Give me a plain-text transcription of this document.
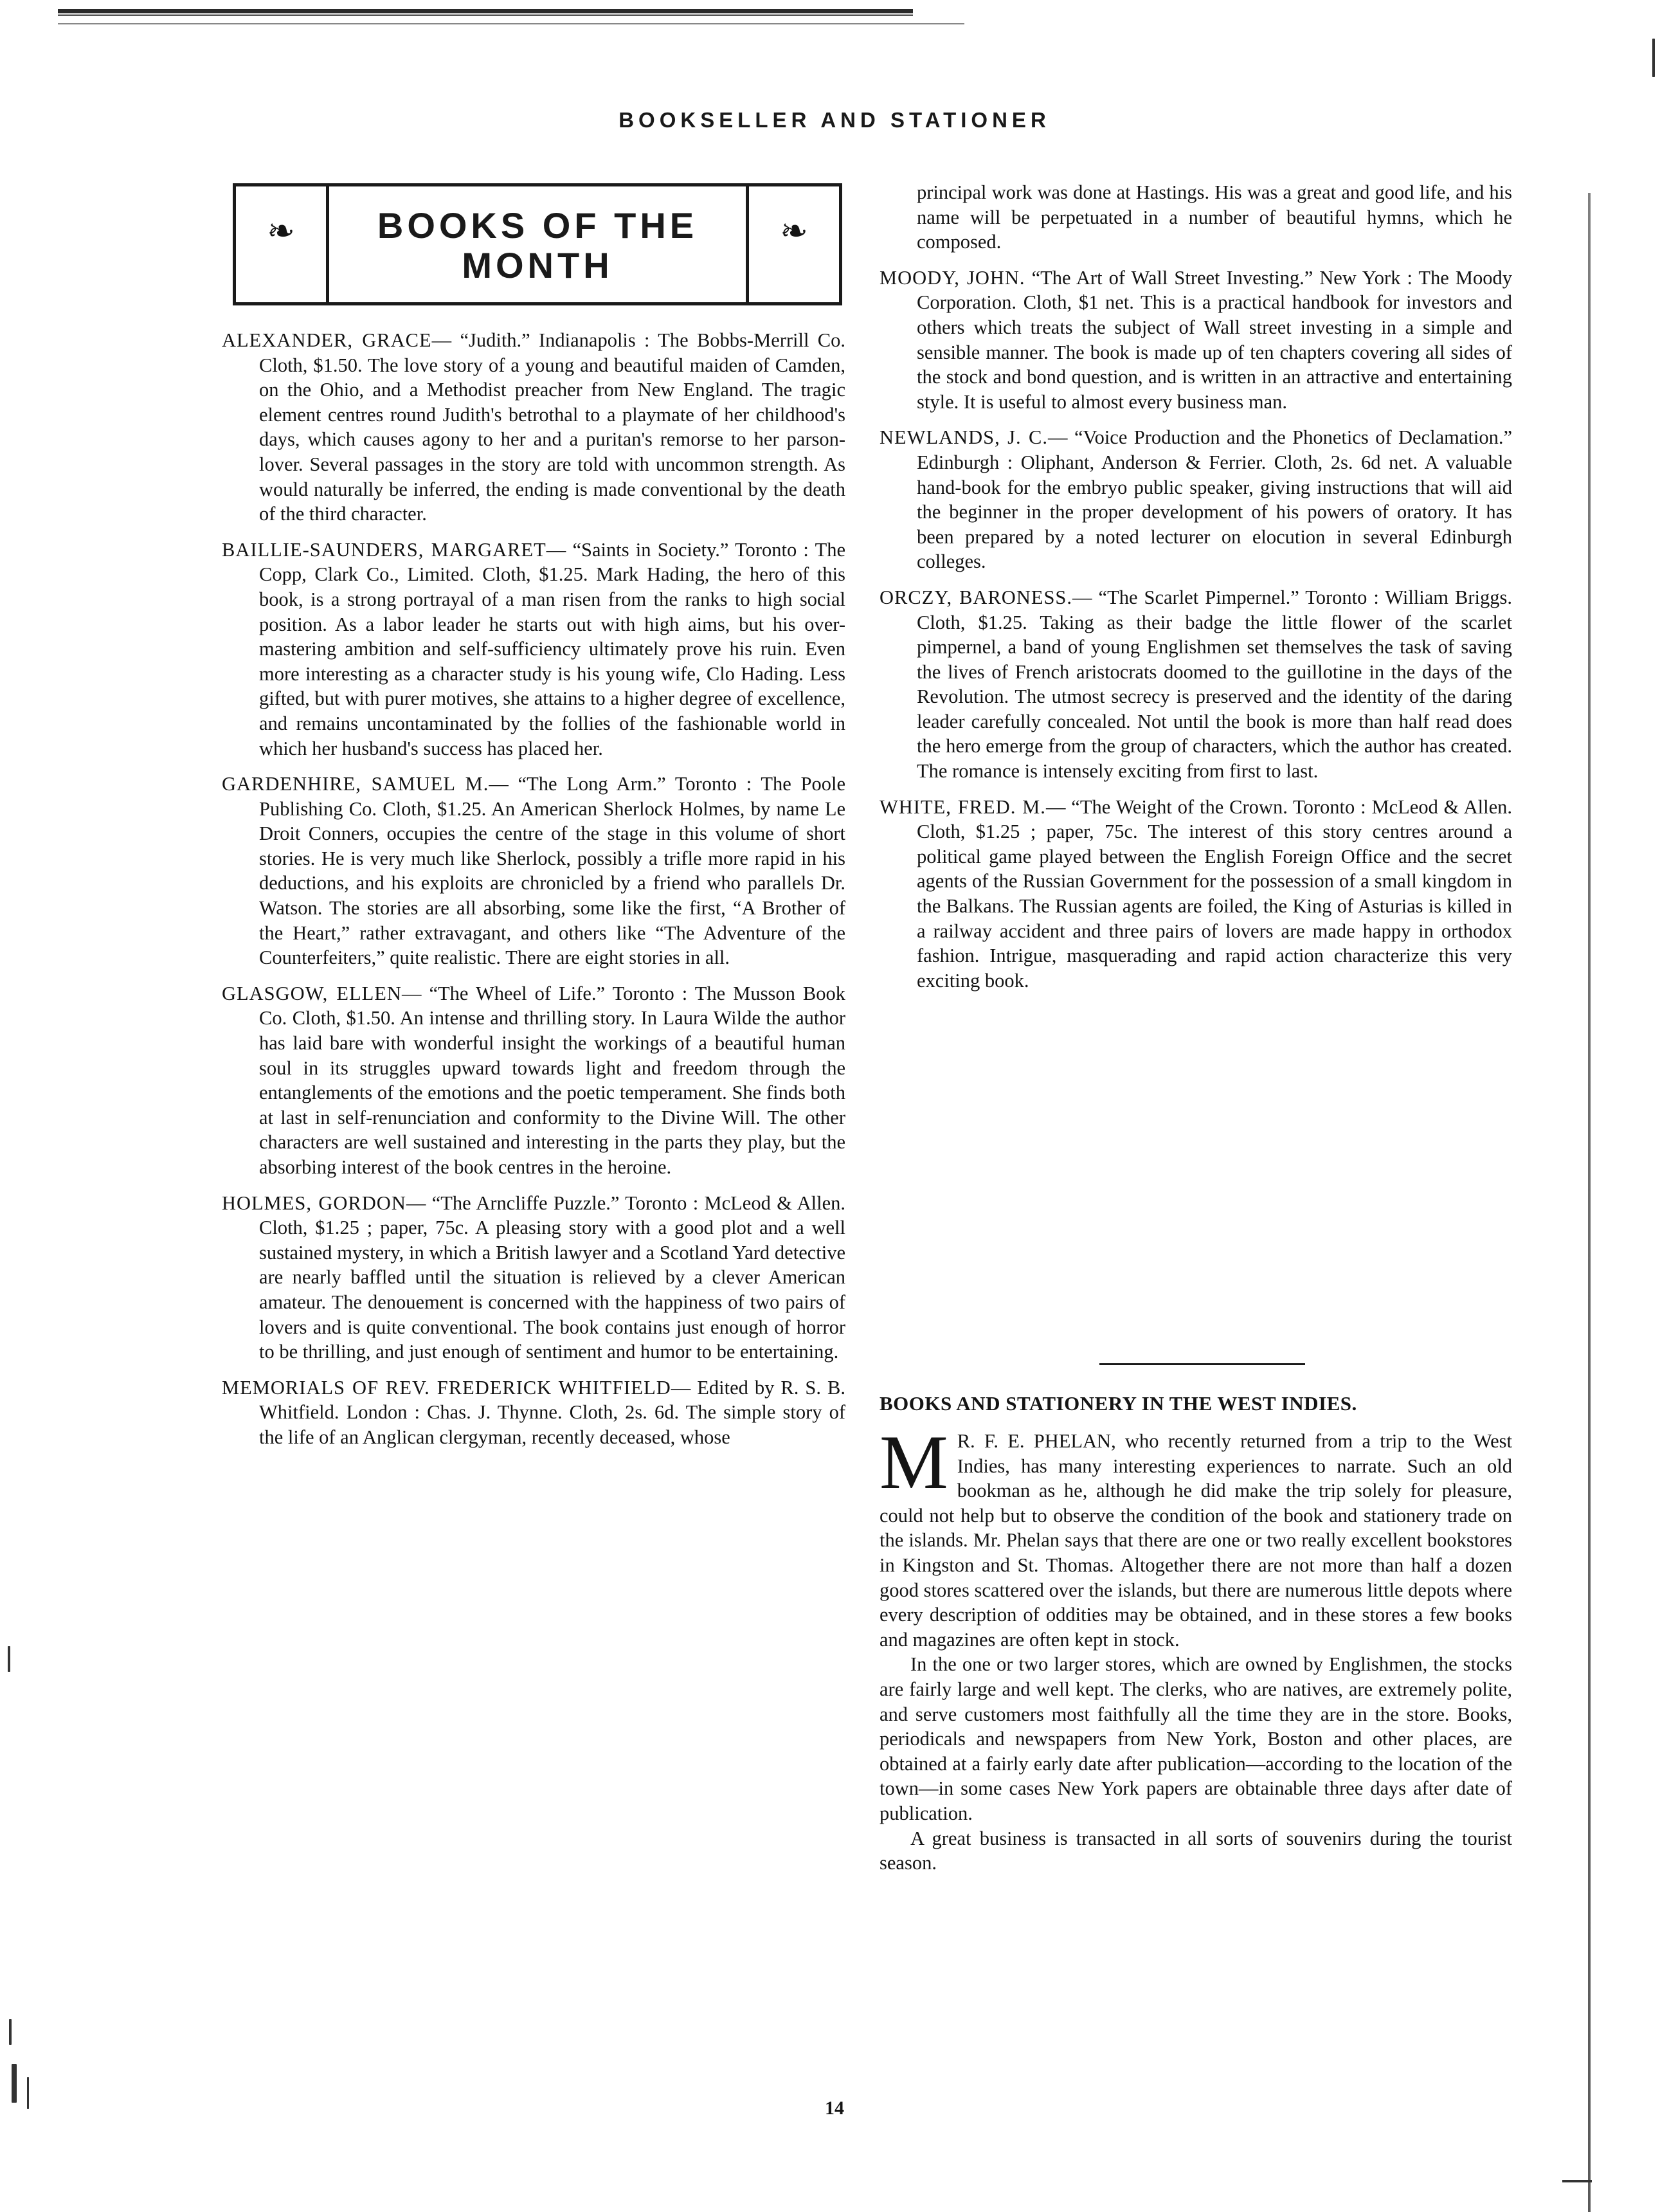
BOOKSELLER AND STATIONER
❧	BOOKS OF THE
MONTH
❧

ALEXANDER, GRACE— “Judith.” Indianapolis : The Bobbs-Merrill Co. Cloth, $1.50. The love story of a young and beautiful maiden of Camden, on the Ohio, and a Methodist preacher from New England. The tragic element centres round Judith's betrothal to a playmate of her childhood's days, which causes agony to her and a puritan's remorse to her parson-lover. Several passages in the story are told with uncommon strength. As would naturally be inferred, the ending is made conventional by the death of the third character.

BAILLIE-SAUNDERS, MARGARET— “Saints in Society.” Toronto : The Copp, Clark Co., Limited. Cloth, $1.25. Mark Hading, the hero of this book, is a strong portrayal of a man risen from the ranks to high social position. As a labor leader he starts out with high aims, but his over-mastering ambition and self-sufficiency ultimately prove his ruin. Even more interesting as a character study is his young wife, Clo Hading. Less gifted, but with purer motives, she attains to a higher degree of excellence, and remains uncontaminated by the follies of the fashionable world in which her husband's success has placed her.

GARDENHIRE, SAMUEL M.— “The Long Arm.” Toronto : The Poole Publishing Co. Cloth, $1.25. An American Sherlock Holmes, by name Le Droit Conners, occupies the centre of the stage in this volume of short stories. He is very much like Sherlock, possibly a trifle more rapid in his deductions, and his exploits are chronicled by a friend who parallels Dr. Watson. The stories are all absorbing, some like the first, “A Brother of the Heart,” rather extravagant, and others like “The Adventure of the Counterfeiters,” quite realistic. There are eight stories in all.

GLASGOW, ELLEN— “The Wheel of Life.” Toronto : The Musson Book Co. Cloth, $1.50. An intense and thrilling story. In Laura Wilde the author has laid bare with wonderful insight the workings of a beautiful human soul in its struggles upward towards light and freedom through the entanglements of the emotions and the poetic temperament. She finds both at last in self-renunciation and conformity to the Divine Will. The other characters are well sustained and interesting in the parts they play, but the absorbing interest of the book centres in the heroine.

HOLMES, GORDON— “The Arncliffe Puzzle.” Toronto : McLeod & Allen. Cloth, $1.25 ; paper, 75c. A pleasing story with a good plot and a well sustained mystery, in which a British lawyer and a Scotland Yard detective are nearly baffled until the situation is relieved by a clever American amateur. The denouement is concerned with the happiness of two pairs of lovers and is quite conventional. The book contains just enough of horror to be thrilling, and just enough of sentiment and humor to be entertaining.

MEMORIALS OF REV. FREDERICK WHITFIELD— Edited by R. S. B. Whitfield. London : Chas. J. Thynne. Cloth, 2s. 6d. The simple story of the life of an Anglican clergyman, recently deceased, whose

principal work was done at Hastings. His was a great and good life, and his name will be perpetuated in a number of beautiful hymns, which he composed.

MOODY, JOHN. “The Art of Wall Street Investing.” New York : The Moody Corporation. Cloth, $1 net. This is a practical handbook for investors and others which treats the subject of Wall street investing in a simple and sensible manner. The book is made up of ten chapters covering all sides of the stock and bond question, and is written in an attractive and entertaining style. It is useful to almost every business man.

NEWLANDS, J. C.— “Voice Production and the Phonetics of Declamation.” Edinburgh : Oliphant, Anderson & Ferrier. Cloth, 2s. 6d net. A valuable hand-book for the embryo public speaker, giving instructions that will aid the beginner in the proper development of his powers of oratory. It has been prepared by a noted lecturer on elocution in several Edinburgh colleges.

ORCZY, BARONESS.— “The Scarlet Pimpernel.” Toronto : William Briggs. Cloth, $1.25. Taking as their badge the little flower of the scarlet pimpernel, a band of young Englishmen set themselves the task of saving the lives of French aristocrats doomed to the guillotine in the days of the Revolution. The utmost secrecy is preserved and the identity of the daring leader carefully concealed. Not until the book is more than half read does the hero emerge from the group of characters, which the author has created. The romance is intensely exciting from first to last.

WHITE, FRED. M.— “The Weight of the Crown. Toronto : McLeod & Allen. Cloth, $1.25 ; paper, 75c. The interest of this story centres around a political game played between the English Foreign Office and the secret agents of the Russian Government for the possession of a small kingdom in the Balkans. The Russian agents are foiled, the King of Asturias is killed in a railway accident and three pairs of lovers are made happy in orthodox fashion. Intrigue, masquerading and rapid action characterize this very exciting book.

BOOKS AND STATIONERY IN THE WEST INDIES.

M R. F. E. PHELAN, who recently returned from a trip to the West Indies, has many interesting experiences to narrate. Such an old bookman as he, although he did make the trip solely for pleasure, could not help but to observe the condition of the book and stationery trade on the islands. Mr. Phelan says that there are one or two really excellent bookstores in Kingston and St. Thomas. Altogether there are not more than half a dozen good stores scattered over the islands, but there are numerous little depots where every description of oddities may be obtained, and in these stores a few books and magazines are often kept in stock.

In the one or two larger stores, which are owned by Englishmen, the stocks are fairly large and well kept. The clerks, who are natives, are extremely polite, and serve customers most faithfully all the time they are in the store. Books, periodicals and newspapers from New York, Boston and other places, are obtained at a fairly early date after publication—according to the location of the town—in some cases New York papers are obtainable three days after date of publication.

A great business is transacted in all sorts of souvenirs during the tourist season.

14
